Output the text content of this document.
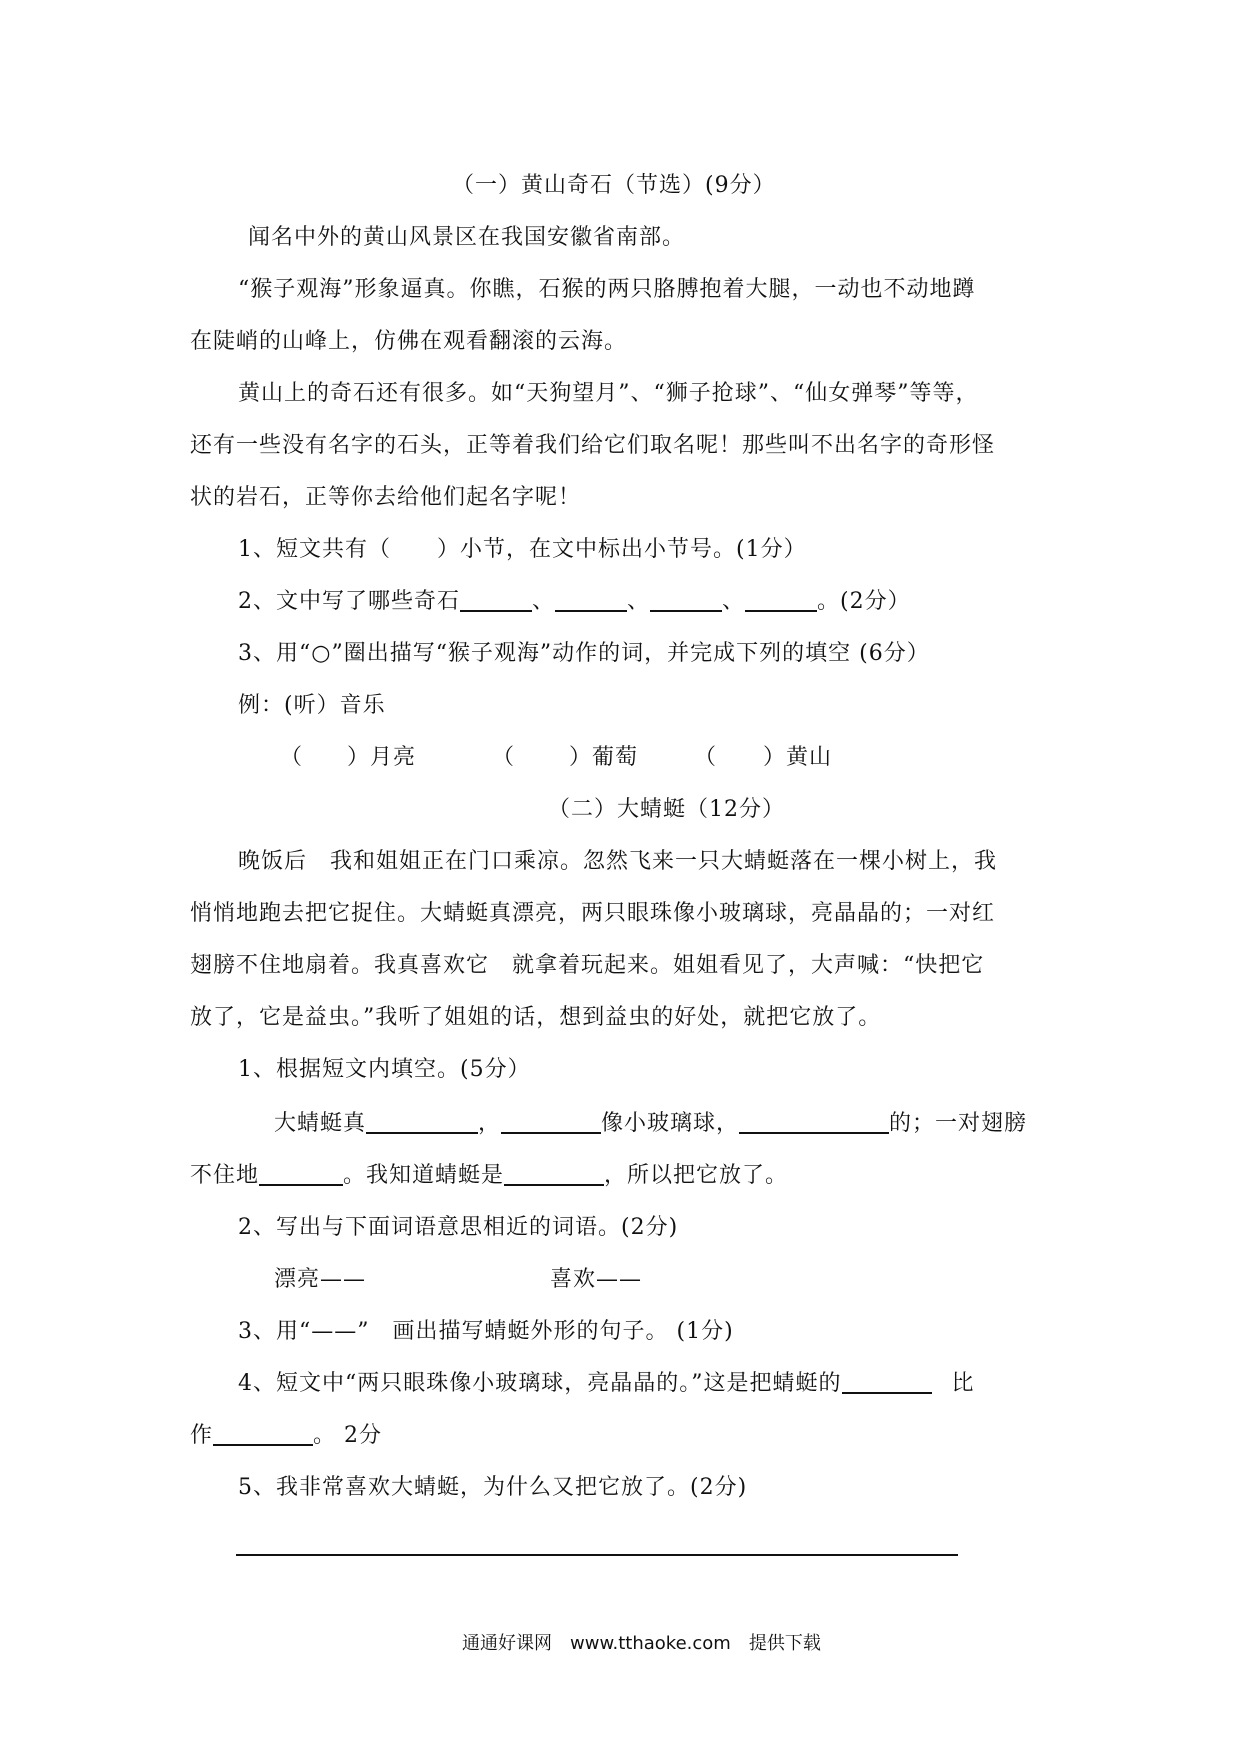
（一）黄山奇石（节选）(9分）
闻名中外的黄山风景区在我国安徽省南部。
“猴子观海”形象逼真。你瞧，石猴的两只胳膊抱着大腿，一动也不动地蹲
在陡峭的山峰上，仿佛在观看翻滚的云海。
黄山上的奇石还有很多。如“天狗望月”、“狮子抢球”、“仙女弹琴”等等，
还有一些没有名字的石头，正等着我们给它们取名呢！那些叫不出名字的奇形怪
状的岩石，正等你去给他们起名字呢！
1、短文共有（　　）小节，在文中标出小节号。(1分）
2、文中写了哪些奇石	、	、	、	。(2分）
3、用“○”圈出描写“猴子观海”动作的词，并完成下列的填空 (6分）
例：(听）音乐
（ ）月亮	（ ）葡萄	（ ）黄山
（二）大蜻蜓（12分）
晚饭后　我和姐姐正在门口乘凉。忽然飞来一只大蜻蜓落在一棵小树上，我
悄悄地跑去把它捉住。大蜻蜓真漂亮，两只眼珠像小玻璃球，亮晶晶的；一对红
翅膀不住地扇着。我真喜欢它　就拿着玩起来。姐姐看见了，大声喊：“快把它
放了，它是益虫。”我听了姐姐的话，想到益虫的好处，就把它放了。
1、根据短文内填空。(5分）
大蜻蜓真	，	像小玻璃球，	的；一对翅膀
不住地	。我知道蜻蜓是	，所以把它放了。
2、写出与下面词语意思相近的词语。(2分)
漂亮——	喜欢——
3、用“——”　画出描写蜻蜓外形的句子。 (1分)
4、短文中“两只眼珠像小玻璃球，亮晶晶的。”这是把蜻蜓的	比
作	。 2分
5、我非常喜欢大蜻蜓，为什么又把它放了。(2分)
通通好课网　www.tthaoke.com　提供下载
